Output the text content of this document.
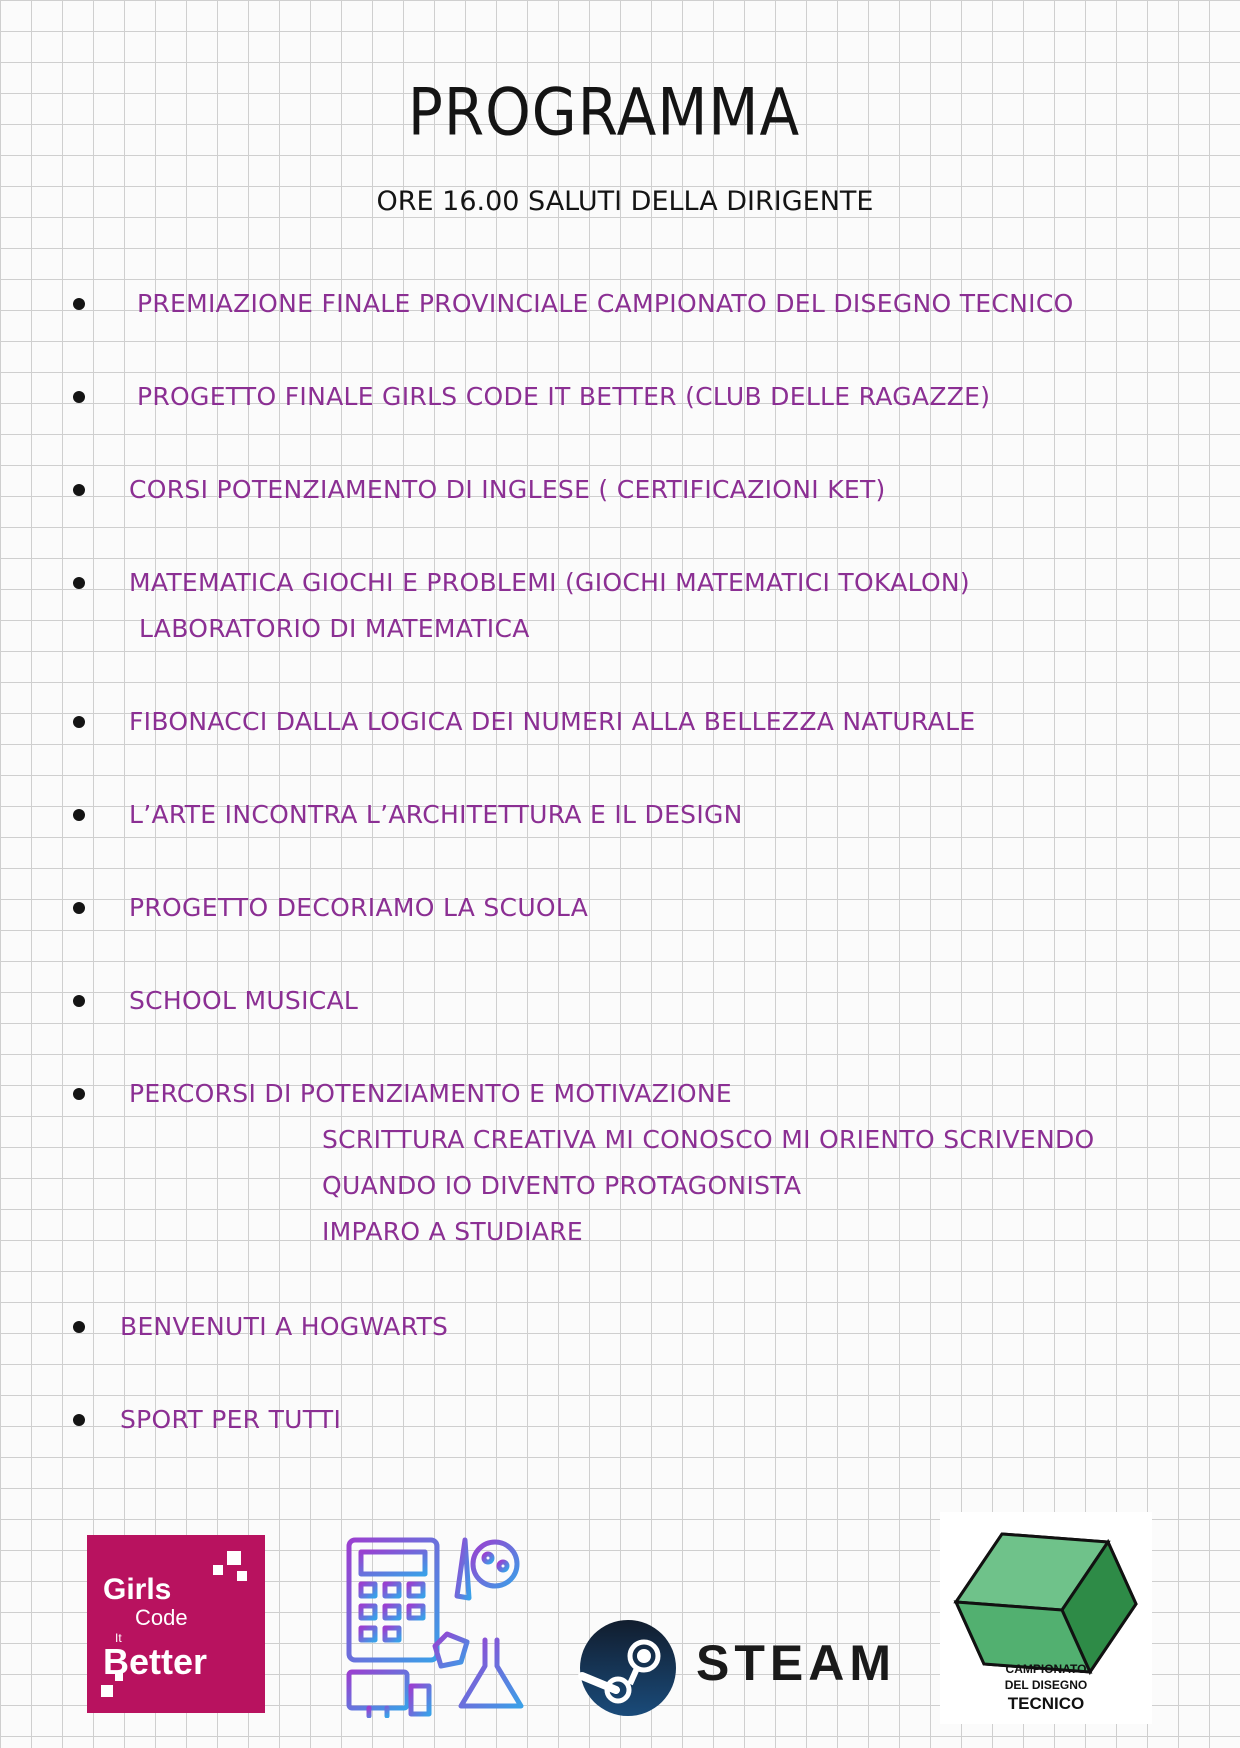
PROGRAMMA

ORE 16.00 SALUTI DELLA DIRIGENTE

PREMIAZIONE FINALE PROVINCIALE CAMPIONATO DEL DISEGNO TECNICO
PROGETTO FINALE GIRLS CODE IT BETTER (CLUB DELLE RAGAZZE)
CORSI POTENZIAMENTO DI INGLESE ( CERTIFICAZIONI KET)
MATEMATICA GIOCHI E PROBLEMI (GIOCHI MATEMATICI TOKALON)
LABORATORIO DI MATEMATICA
FIBONACCI DALLA LOGICA DEI NUMERI ALLA BELLEZZA NATURALE
L’ARTE INCONTRA L’ARCHITETTURA E IL DESIGN
PROGETTO DECORIAMO LA SCUOLA
SCHOOL MUSICAL
PERCORSI DI POTENZIAMENTO E MOTIVAZIONE
SCRITTURA CREATIVA MI CONOSCO MI ORIENTO SCRIVENDO
QUANDO IO DIVENTO PROTAGONISTA
IMPARO A STUDIARE
BENVENUTI A HOGWARTS
SPORT PER TUTTI
Girls
Code
It
Better	STEAM	CAMPIONATO
DEL DISEGNO
TECNICO
